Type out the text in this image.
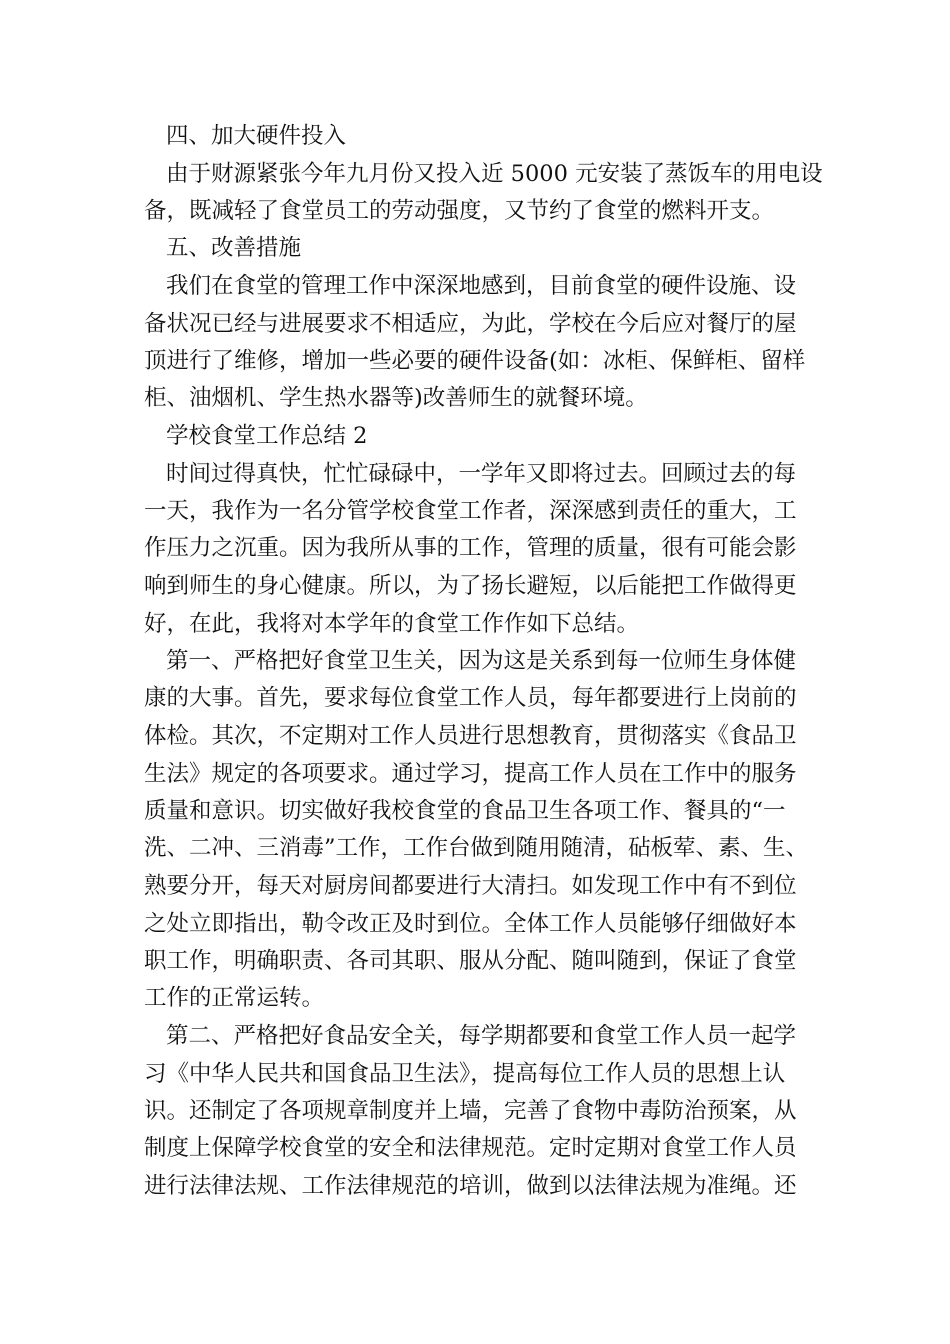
四、加大硬件投入
由于财源紧张今年九月份又投入近 5000 元安装了蒸饭车的用电设
备，既减轻了食堂员工的劳动强度，又节约了食堂的燃料开支。
五、改善措施
我们在食堂的管理工作中深深地感到，目前食堂的硬件设施、设
备状况已经与进展要求不相适应，为此，学校在今后应对餐厅的屋
顶进行了维修，增加一些必要的硬件设备(如：冰柜、保鲜柜、留样
柜、油烟机、学生热水器等)改善师生的就餐环境。
学校食堂工作总结 2
时间过得真快，忙忙碌碌中，一学年又即将过去。回顾过去的每
一天，我作为一名分管学校食堂工作者，深深感到责任的重大，工
作压力之沉重。因为我所从事的工作，管理的质量，很有可能会影
响到师生的身心健康。所以，为了扬长避短，以后能把工作做得更
好，在此，我将对本学年的食堂工作作如下总结。
第一、严格把好食堂卫生关，因为这是关系到每一位师生身体健
康的大事。首先，要求每位食堂工作人员，每年都要进行上岗前的
体检。其次，不定期对工作人员进行思想教育，贯彻落实《食品卫
生法》规定的各项要求。通过学习，提高工作人员在工作中的服务
质量和意识。切实做好我校食堂的食品卫生各项工作、餐具的“一
洗、二冲、三消毒”工作，工作台做到随用随清，砧板荤、素、生、
熟要分开，每天对厨房间都要进行大清扫。如发现工作中有不到位
之处立即指出，勒令改正及时到位。全体工作人员能够仔细做好本
职工作，明确职责、各司其职、服从分配、随叫随到，保证了食堂
工作的正常运转。
第二、严格把好食品安全关，每学期都要和食堂工作人员一起学
习《中华人民共和国食品卫生法》，提高每位工作人员的思想上认
识。还制定了各项规章制度并上墙，完善了食物中毒防治预案，从
制度上保障学校食堂的安全和法律规范。定时定期对食堂工作人员
进行法律法规、工作法律规范的培训，做到以法律法规为准绳。还
